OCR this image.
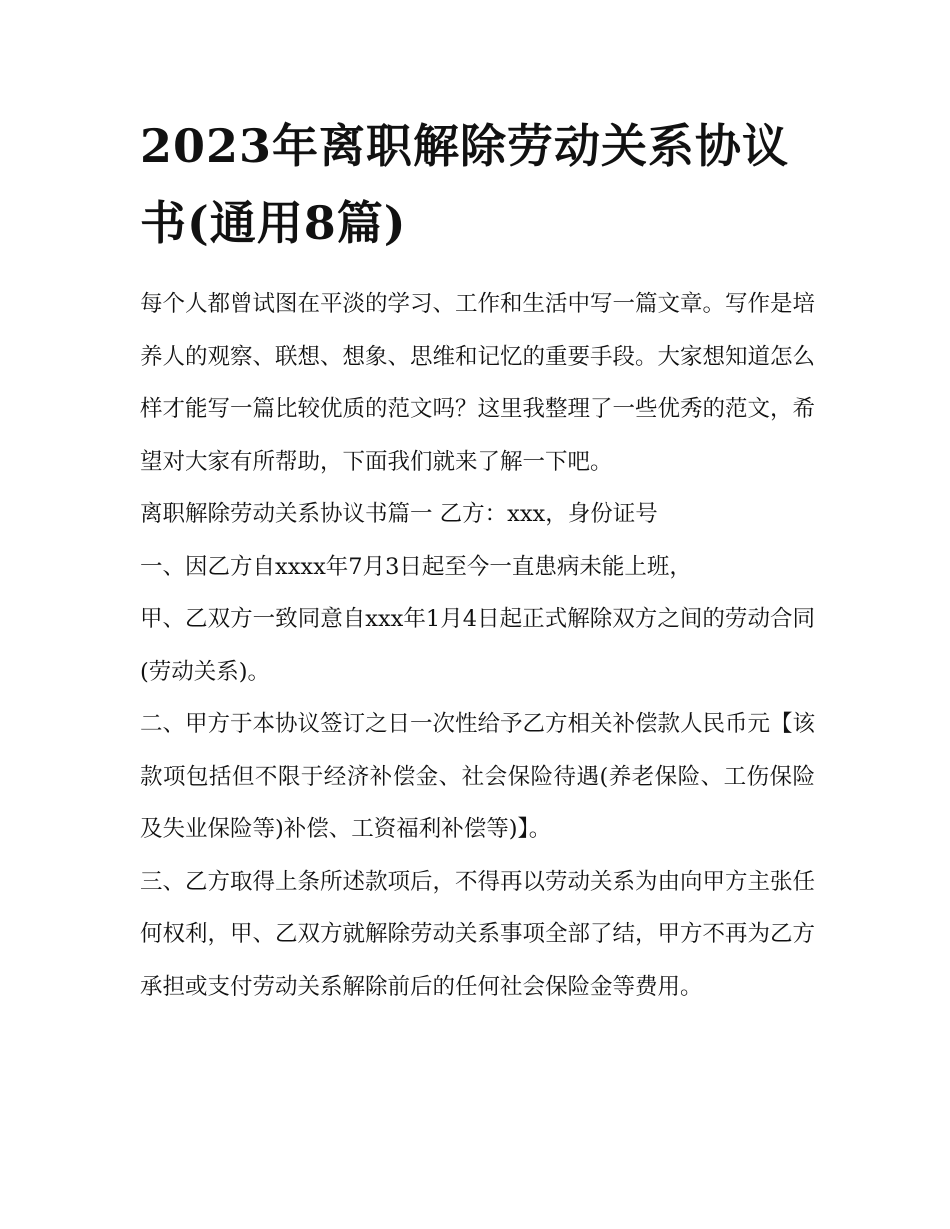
2023年离职解除劳动关系协议书(通用8篇)

每个人都曾试图在平淡的学习、工作和生活中写一篇文章。写作是培养人的观察、联想、想象、思维和记忆的重要手段。大家想知道怎么样才能写一篇比较优质的范文吗？这里我整理了一些优秀的范文，希望对大家有所帮助，下面我们就来了解一下吧。

离职解除劳动关系协议书篇一 乙方：xxx，身份证号

一、因乙方自xxxx年7月3日起至今一直患病未能上班，

甲、乙双方一致同意自xxx年1月4日起正式解除双方之间的劳动合同(劳动关系)。

二、甲方于本协议签订之日一次性给予乙方相关补偿款人民币元【该款项包括但不限于经济补偿金、社会保险待遇(养老保险、工伤保险及失业保险等)补偿、工资福利补偿等)】。

三、乙方取得上条所述款项后，不得再以劳动关系为由向甲方主张任何权利，甲、乙双方就解除劳动关系事项全部了结，甲方不再为乙方承担或支付劳动关系解除前后的任何社会保险金等费用。
